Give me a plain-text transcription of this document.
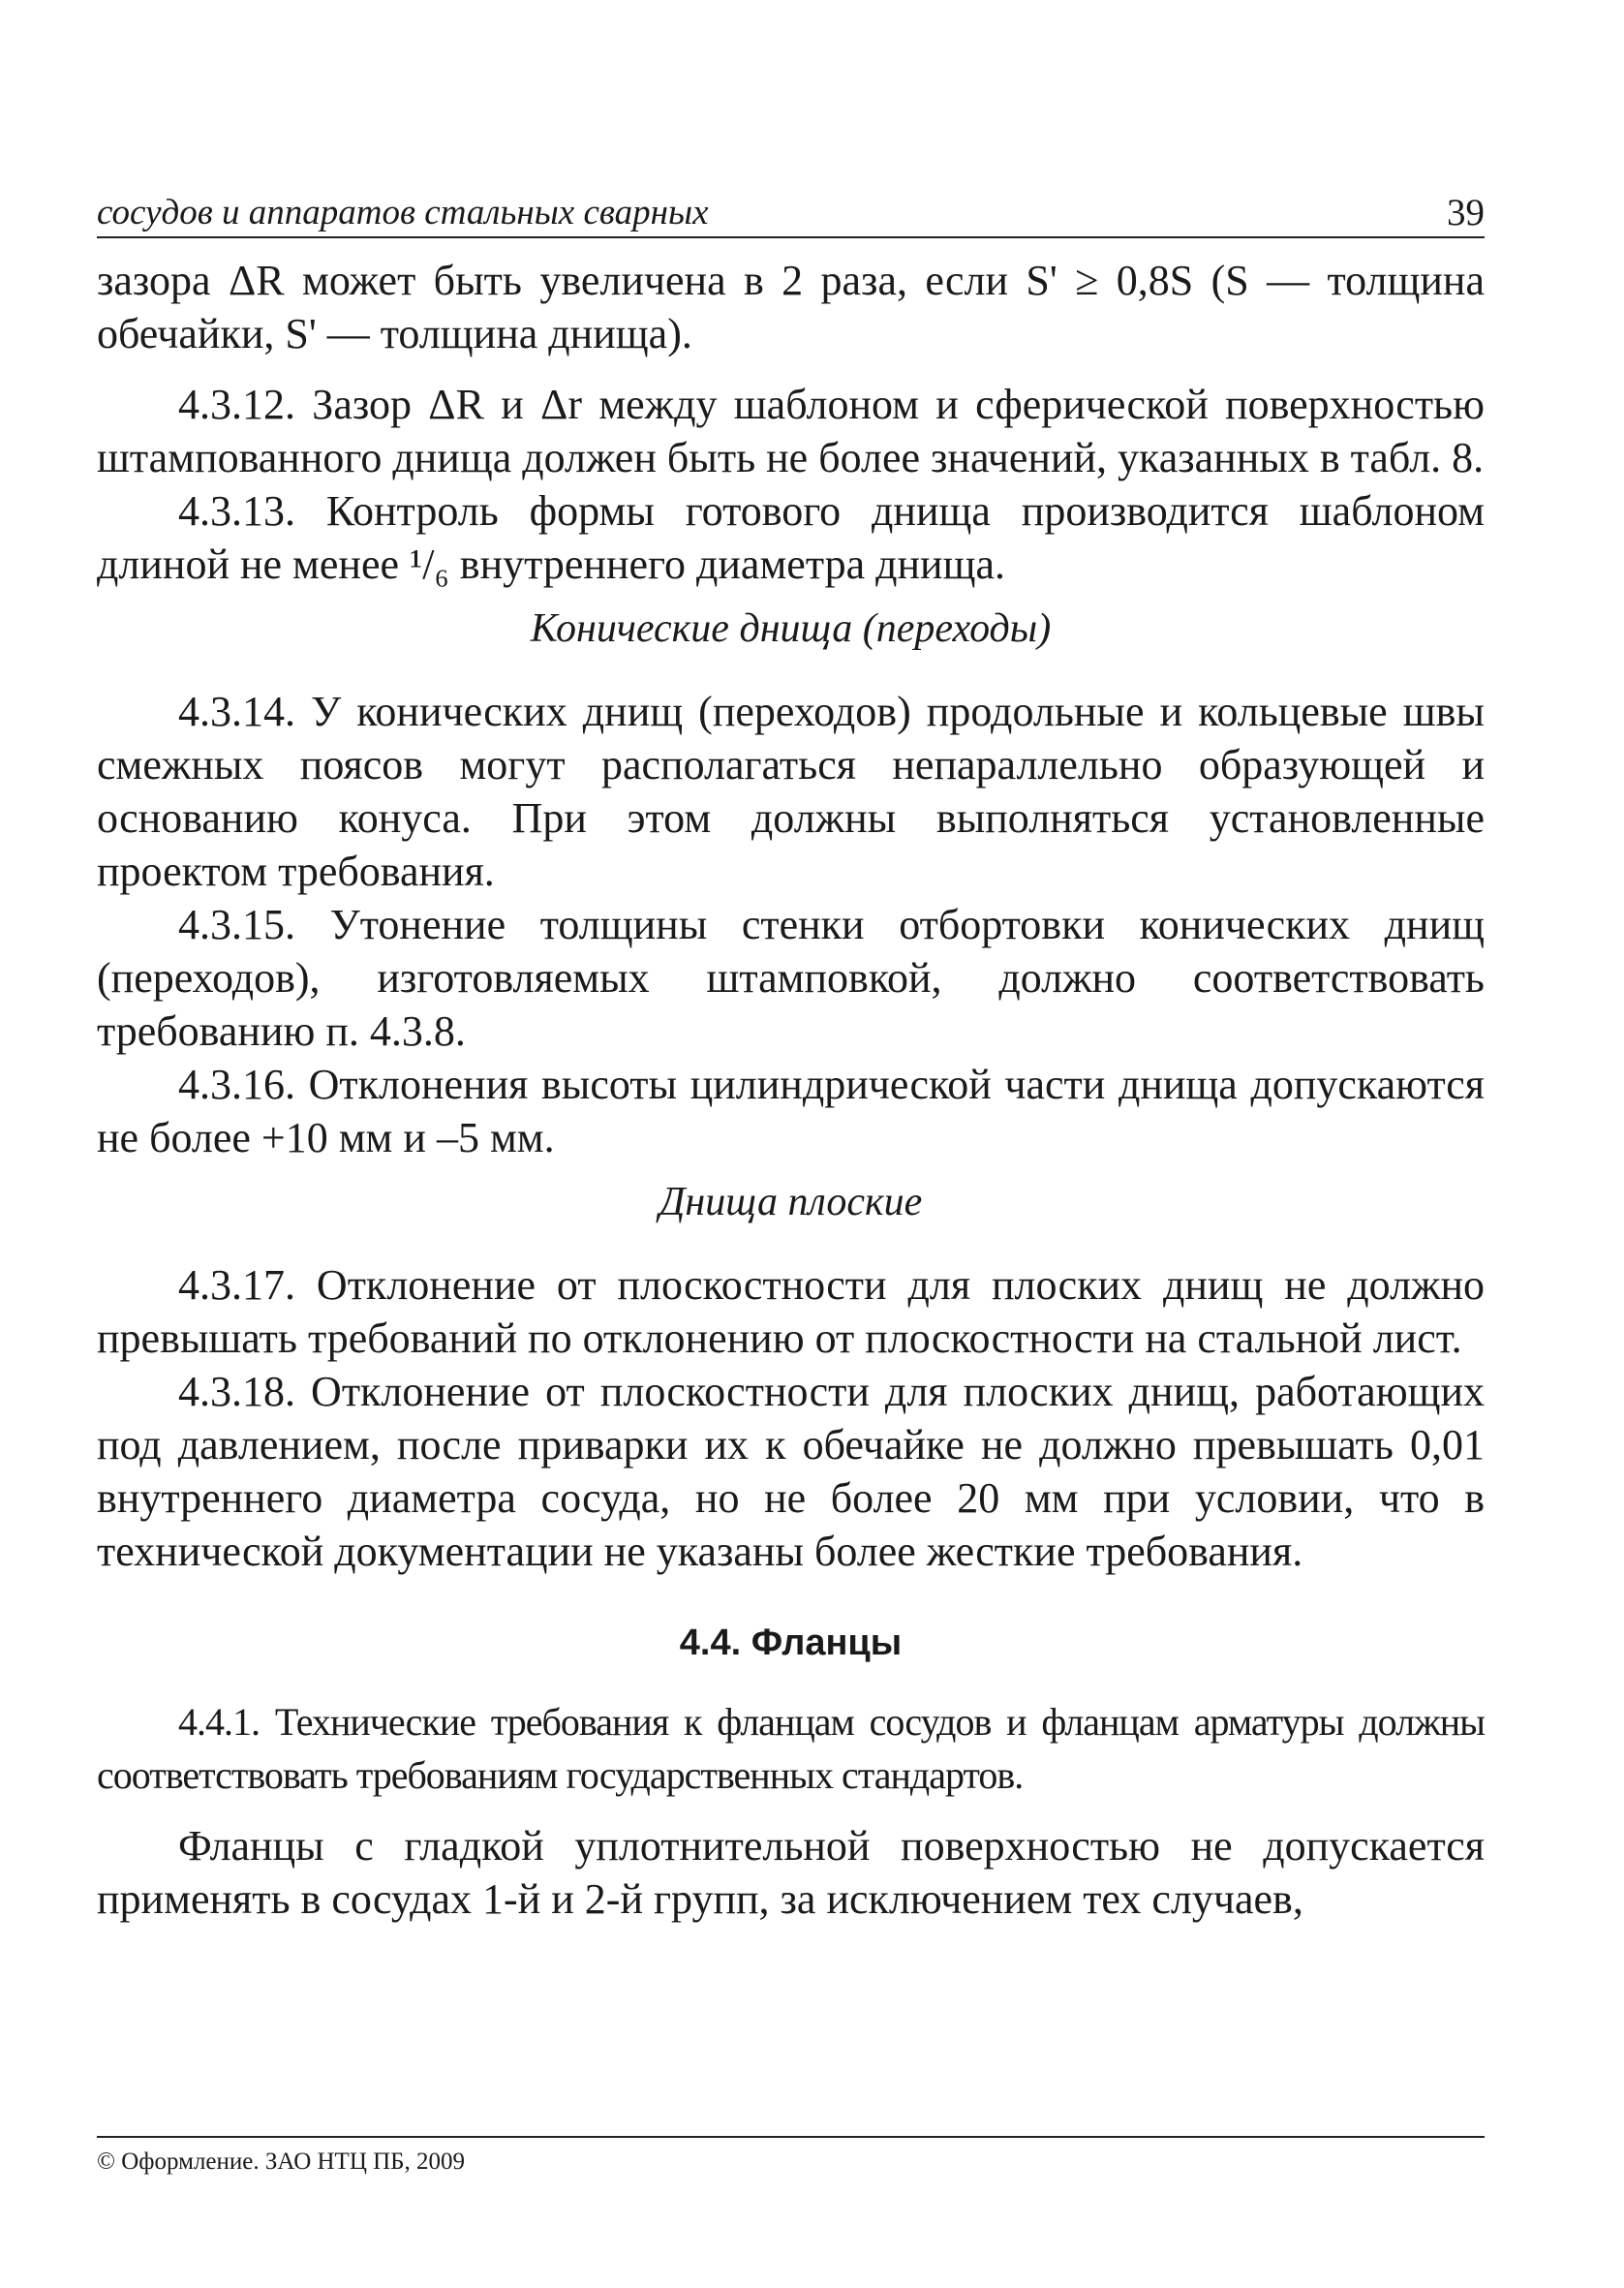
сосудов и аппаратов стальных сварных	39

зазора ΔR может быть увеличена в 2 раза, если S' ≥ 0,8S (S — толщина обечайки, S' — толщина днища).

4.3.12. Зазор ΔR и Δr между шаблоном и сферической поверхностью штампованного днища должен быть не более значений, указанных в табл. 8.

4.3.13. Контроль формы готового днища производится шаблоном длиной не менее ¹/₆ внутреннего диаметра днища.

Конические днища (переходы)

4.3.14. У конических днищ (переходов) продольные и кольцевые швы смежных поясов могут располагаться непараллельно образующей и основанию конуса. При этом должны выполняться установленные проектом требования.

4.3.15. Утонение толщины стенки отбортовки конических днищ (переходов), изготовляемых штамповкой, должно соответствовать требованию п. 4.3.8.

4.3.16. Отклонения высоты цилиндрической части днища допускаются не более +10 мм и –5 мм.

Днища плоские

4.3.17. Отклонение от плоскостности для плоских днищ не должно превышать требований по отклонению от плоскостности на стальной лист.

4.3.18. Отклонение от плоскостности для плоских днищ, работающих под давлением, после приварки их к обечайке не должно превышать 0,01 внутреннего диаметра сосуда, но не более 20 мм при условии, что в технической документации не указаны более жесткие требования.

4.4. Фланцы

4.4.1. Технические требования к фланцам сосудов и фланцам арматуры должны соответствовать требованиям государственных стандартов.

Фланцы с гладкой уплотнительной поверхностью не допускается применять в сосудах 1-й и 2-й групп, за исключением тех случаев,

© Оформление. ЗАО НТЦ ПБ, 2009
